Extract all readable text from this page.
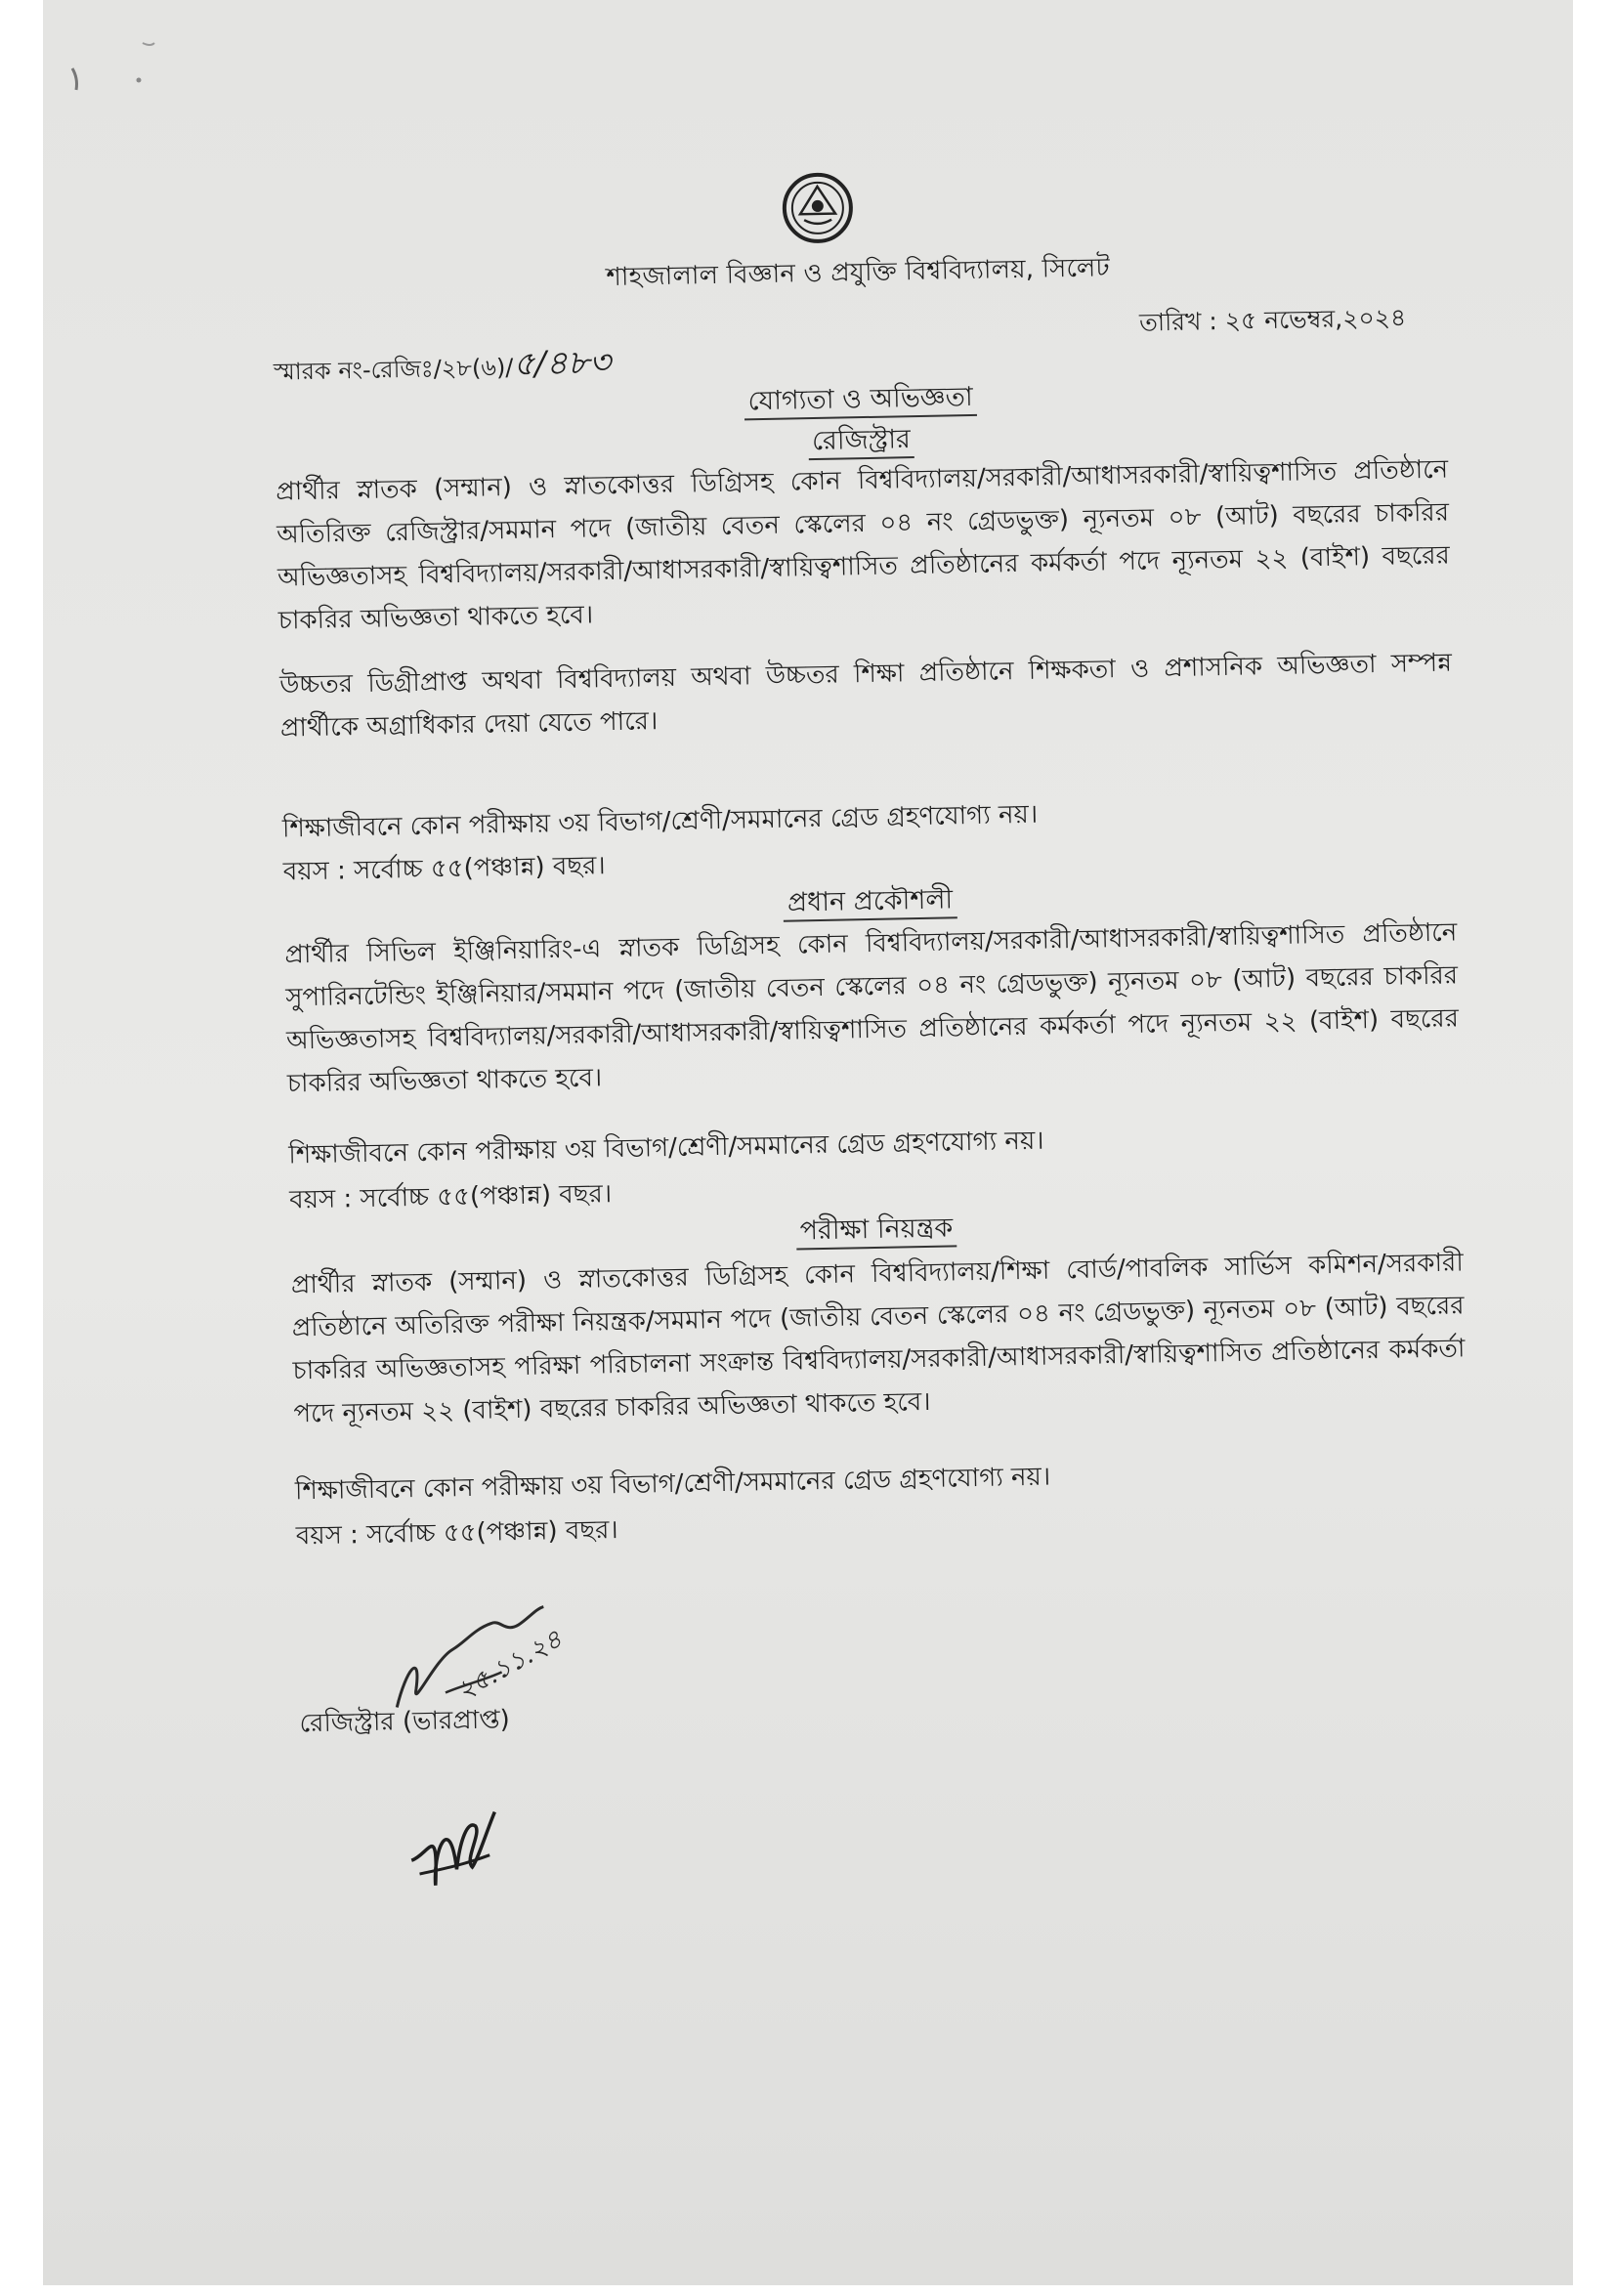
শাহজালাল বিজ্ঞান ও প্রযুক্তি বিশ্ববিদ্যালয়, সিলেট
তারিখ : ২৫ নভেম্বর,২০২৪
স্মারক নং-রেজিঃ/২৮(৬)/৫/৪৮৩
যোগ্যতা ও অভিজ্ঞতা
রেজিস্ট্রার
প্রার্থীর স্নাতক (সম্মান) ও স্নাতকোত্তর ডিগ্রিসহ কোন বিশ্ববিদ্যালয়/সরকারী/আধাসরকারী/স্বায়িত্বশাসিত প্রতিষ্ঠানে অতিরিক্ত রেজিস্ট্রার/সমমান পদে (জাতীয় বেতন স্কেলের ০৪ নং গ্রেডভুক্ত) ন্যূনতম ০৮ (আট) বছরের চাকরির অভিজ্ঞতাসহ বিশ্ববিদ্যালয়/সরকারী/আধাসরকারী/স্বায়িত্বশাসিত প্রতিষ্ঠানের কর্মকর্তা পদে ন্যূনতম ২২ (বাইশ) বছরের চাকরির অভিজ্ঞতা থাকতে হবে।
উচ্চতর ডিগ্রীপ্রাপ্ত অথবা বিশ্ববিদ্যালয় অথবা উচ্চতর শিক্ষা প্রতিষ্ঠানে শিক্ষকতা ও প্রশাসনিক অভিজ্ঞতা সম্পন্ন প্রার্থীকে অগ্রাধিকার দেয়া যেতে পারে।
শিক্ষাজীবনে কোন পরীক্ষায় ৩য় বিভাগ/শ্রেণী/সমমানের গ্রেড গ্রহণযোগ্য নয়।
বয়স : সর্বোচ্চ ৫৫(পঞ্চান্ন) বছর।
প্রধান প্রকৌশলী
প্রার্থীর সিভিল ইঞ্জিনিয়ারিং-এ স্নাতক ডিগ্রিসহ কোন বিশ্ববিদ্যালয়/সরকারী/আধাসরকারী/স্বায়িত্বশাসিত প্রতিষ্ঠানে সুপারিনটেন্ডিং ইঞ্জিনিয়ার/সমমান পদে (জাতীয় বেতন স্কেলের ০৪ নং গ্রেডভুক্ত) ন্যূনতম ০৮ (আট) বছরের চাকরির অভিজ্ঞতাসহ বিশ্ববিদ্যালয়/সরকারী/আধাসরকারী/স্বায়িত্বশাসিত প্রতিষ্ঠানের কর্মকর্তা পদে ন্যূনতম ২২ (বাইশ) বছরের চাকরির অভিজ্ঞতা থাকতে হবে।
শিক্ষাজীবনে কোন পরীক্ষায় ৩য় বিভাগ/শ্রেণী/সমমানের গ্রেড গ্রহণযোগ্য নয়।
বয়স : সর্বোচ্চ ৫৫(পঞ্চান্ন) বছর।
পরীক্ষা নিয়ন্ত্রক
প্রার্থীর স্নাতক (সম্মান) ও স্নাতকোত্তর ডিগ্রিসহ কোন বিশ্ববিদ্যালয়/শিক্ষা বোর্ড/পাবলিক সার্ভিস কমিশন/সরকারী প্রতিষ্ঠানে অতিরিক্ত পরীক্ষা নিয়ন্ত্রক/সমমান পদে (জাতীয় বেতন স্কেলের ০৪ নং গ্রেডভুক্ত) ন্যূনতম ০৮ (আট) বছরের চাকরির অভিজ্ঞতাসহ পরিক্ষা পরিচালনা সংক্রান্ত বিশ্ববিদ্যালয়/সরকারী/আধাসরকারী/স্বায়িত্বশাসিত প্রতিষ্ঠানের কর্মকর্তা পদে ন্যূনতম ২২ (বাইশ) বছরের চাকরির অভিজ্ঞতা থাকতে হবে।
শিক্ষাজীবনে কোন পরীক্ষায় ৩য় বিভাগ/শ্রেণী/সমমানের গ্রেড গ্রহণযোগ্য নয়।
বয়স : সর্বোচ্চ ৫৫(পঞ্চান্ন) বছর।
২৫.১১.২৪
রেজিস্ট্রার (ভারপ্রাপ্ত)
